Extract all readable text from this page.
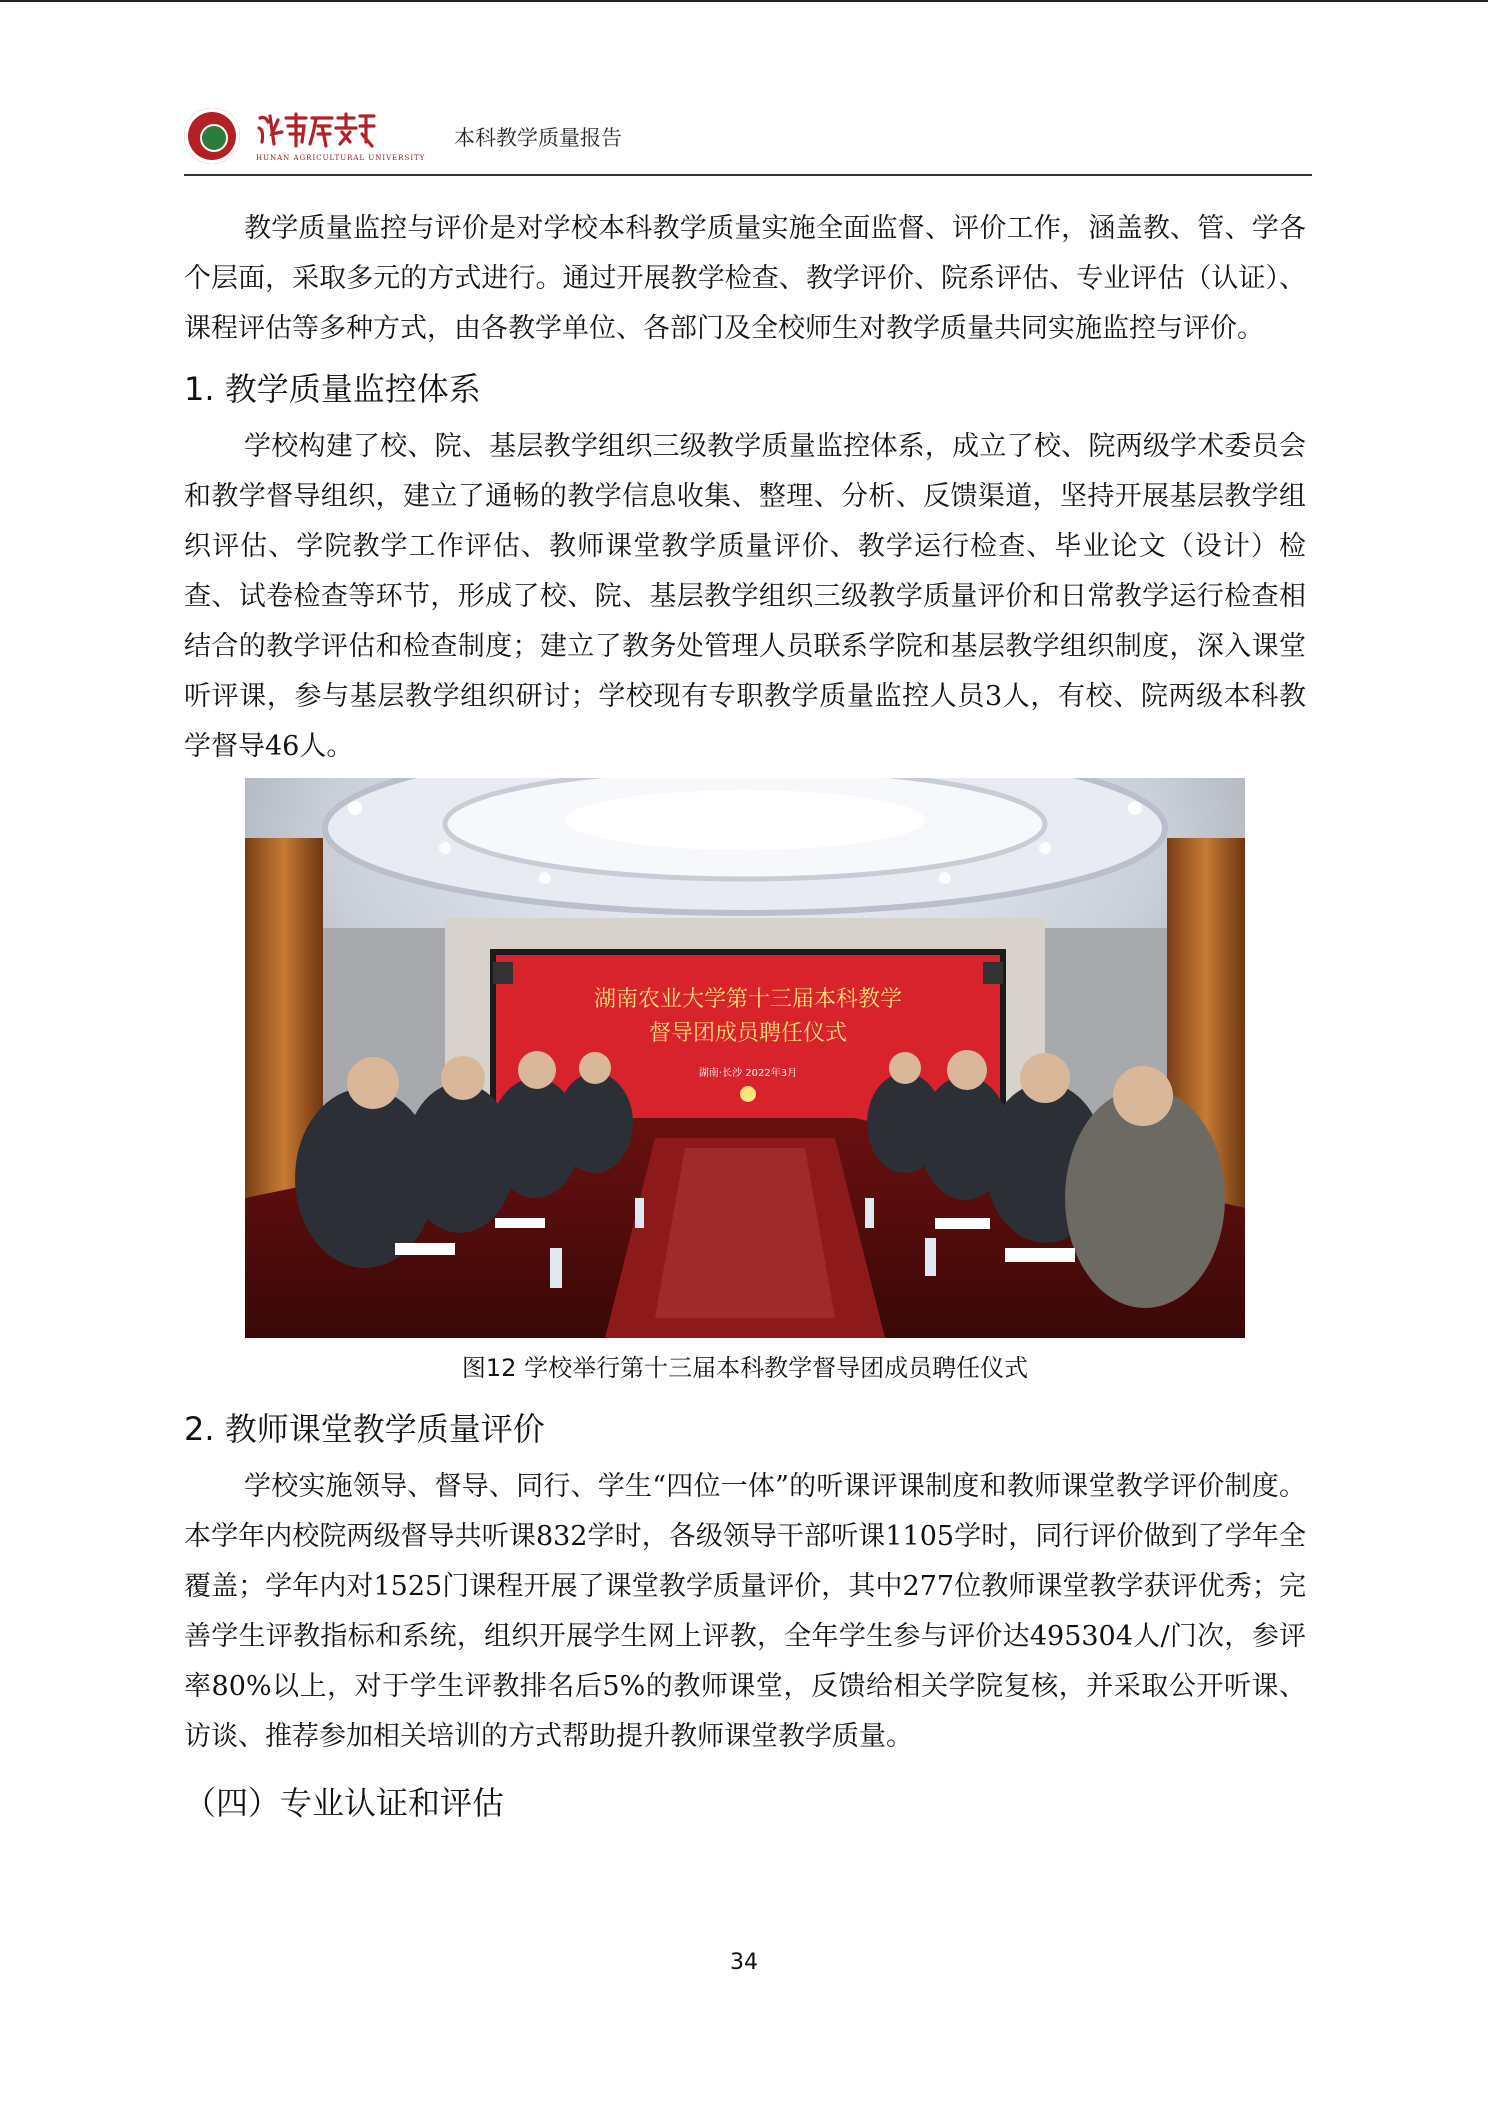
HUNAN AGRICULTURAL UNIVERSITY
本科教学质量报告

教学质量监控与评价是对学校本科教学质量实施全面监督、评价工作，涵盖教、管、学各个层面，采取多元的方式进行。通过开展教学检查、教学评价、院系评估、专业评估（认证）、课程评估等多种方式，由各教学单位、各部门及全校师生对教学质量共同实施监控与评价。

1. 教学质量监控体系

学校构建了校、院、基层教学组织三级教学质量监控体系，成立了校、院两级学术委员会和教学督导组织，建立了通畅的教学信息收集、整理、分析、反馈渠道，坚持开展基层教学组织评估、学院教学工作评估、教师课堂教学质量评价、教学运行检查、毕业论文（设计）检查、试卷检查等环节，形成了校、院、基层教学组织三级教学质量评价和日常教学运行检查相结合的教学评估和检查制度；建立了教务处管理人员联系学院和基层教学组织制度，深入课堂听评课，参与基层教学组织研讨；学校现有专职教学质量监控人员3人，有校、院两级本科教学督导46人。

湖南农业大学第十三届本科教学
督导团成员聘任仪式
湖南·长沙 2022年3月
图12 学校举行第十三届本科教学督导团成员聘任仪式
2. 教师课堂教学质量评价

学校实施领导、督导、同行、学生“四位一体”的听课评课制度和教师课堂教学评价制度。本学年内校院两级督导共听课832学时，各级领导干部听课1105学时，同行评价做到了学年全覆盖；学年内对1525门课程开展了课堂教学质量评价，其中277位教师课堂教学获评优秀；完善学生评教指标和系统，组织开展学生网上评教，全年学生参与评价达495304人/门次，参评率80%以上，对于学生评教排名后5%的教师课堂，反馈给相关学院复核，并采取公开听课、访谈、推荐参加相关培训的方式帮助提升教师课堂教学质量。

（四）专业认证和评估
34
